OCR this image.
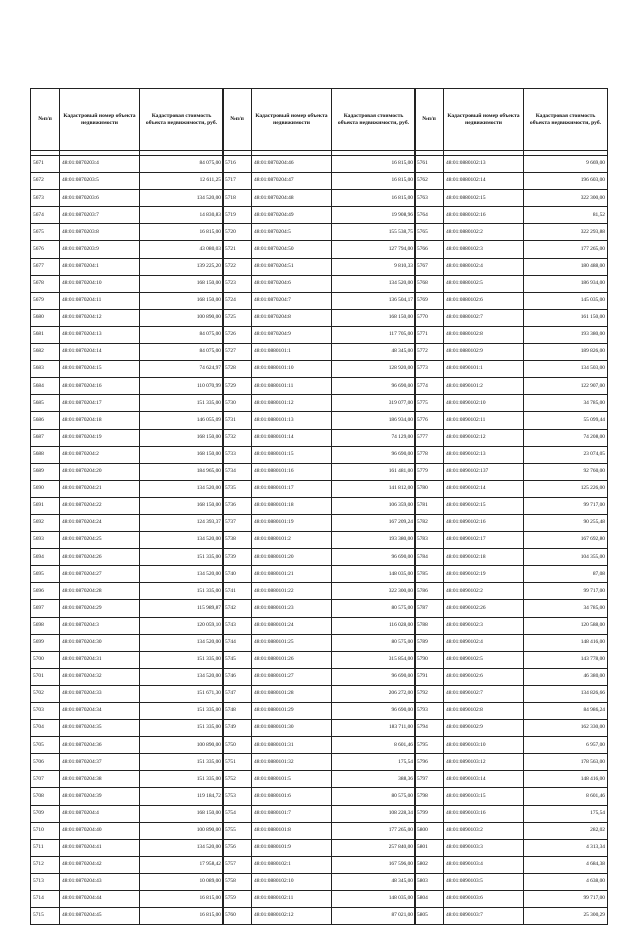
№п/п	Кадастровый номер объекта недвижимости	Кадастровая стоимость объекта недвижимости, руб.

5671	48:01:0870203:4	84 075,00
5672	48:01:0870203:5	12 611,25
5673	48:01:0870203:6	134 520,00
5674	48:01:0870203:7	14 830,83
5675	48:01:0870203:8	16 815,00
5676	48:01:0870203:9	43 080,03
5677	48:01:0870204:1	139 225,20
5678	48:01:0870204:10	168 150,00
5679	48:01:0870204:11	168 150,00
5680	48:01:0870204:12	100 890,00
5681	48:01:0870204:13	84 075,00
5682	48:01:0870204:14	84 075,00
5683	48:01:0870204:15	74 624,97
5684	48:01:0870204:16	110 070,99
5685	48:01:0870204:17	151 335,00
5686	48:01:0870204:18	146 055,09
5687	48:01:0870204:19	168 150,00
5688	48:01:0870204:2	168 150,00
5689	48:01:0870204:20	184 965,00
5690	48:01:0870204:21	134 520,00
5691	48:01:0870204:22	168 150,00
5692	48:01:0870204:24	124 393,37
5693	48:01:0870204:25	134 520,00
5694	48:01:0870204:26	151 335,00
5695	48:01:0870204:27	134 520,00
5696	48:01:0870204:28	151 335,00
5697	48:01:0870204:29	115 989,87
5698	48:01:0870204:3	120 059,10
5699	48:01:0870204:30	134 520,00
5700	48:01:0870204:31	151 335,00
5701	48:01:0870204:32	134 520,00
5702	48:01:0870204:33	151 671,30
5703	48:01:0870204:34	151 335,00
5704	48:01:0870204:35	151 335,00
5705	48:01:0870204:36	100 890,00
5706	48:01:0870204:37	151 335,00
5707	48:01:0870204:38	151 335,00
5708	48:01:0870204:39	119 184,72
5709	48:01:0870204:4	168 150,00
5710	48:01:0870204:40	100 890,00
5711	48:01:0870204:41	134 520,00
5712	48:01:0870204:42	17 958,42
5713	48:01:0870204:43	10 089,00
5714	48:01:0870204:44	16 815,00
5715	48:01:0870204:45	16 815,00
№п/п	Кадастровый номер объекта недвижимости	Кадастровая стоимость объекта недвижимости, руб.

5716	48:01:0870204:46	16 815,00
5717	48:01:0870204:47	16 815,00
5718	48:01:0870204:48	16 815,00
5719	48:01:0870204:49	19 908,96
5720	48:01:0870204:5	155 538,75
5721	48:01:0870204:50	127 794,00
5722	48:01:0870204:51	9 810,33
5723	48:01:0870204:6	134 520,00
5724	48:01:0870204:7	136 504,17
5725	48:01:0870204:8	168 150,00
5726	48:01:0870204:9	117 705,00
5727	48:01:0880101:1	48 345,00
5728	48:01:0880101:10	128 920,00
5729	48:01:0880101:11	96 690,00
5730	48:01:0880101:12	319 077,00
5731	48:01:0880101:13	186 934,00
5732	48:01:0880101:14	74 129,00
5733	48:01:0880101:15	96 690,00
5734	48:01:0880101:16	161 481,00
5735	48:01:0880101:17	141 812,00
5736	48:01:0880101:18	106 359,00
5737	48:01:0880101:19	167 209,24
5738	48:01:0880101:2	193 380,00
5739	48:01:0880101:20	96 690,00
5740	48:01:0880101:21	148 035,00
5741	48:01:0880101:22	322 300,00
5742	48:01:0880101:23	80 575,00
5743	48:01:0880101:24	116 028,00
5744	48:01:0880101:25	80 575,00
5745	48:01:0880101:26	315 854,00
5746	48:01:0880101:27	96 690,00
5747	48:01:0880101:28	206 272,00
5748	48:01:0880101:29	96 690,00
5749	48:01:0880101:30	183 711,00
5750	48:01:0880101:31	8 601,46
5751	48:01:0880101:32	175,54
5752	48:01:0880101:5	388,36
5753	48:01:0880101:6	80 575,00
5754	48:01:0880101:7	108 228,34
5755	48:01:0880101:8	177 265,00
5756	48:01:0880101:9	257 840,00
5757	48:01:0880102:1	167 596,00
5758	48:01:0880102:10	48 345,00
5759	48:01:0880102:11	148 035,00
5760	48:01:0880102:12	87 021,00
№п/п	Кадастровый номер объекта недвижимости	Кадастровая стоимость объекта недвижимости, руб.

5761	48:01:0880102:13	9 669,00
5762	48:01:0880102:14	196 603,00
5763	48:01:0880102:15	322 300,00
5764	48:01:0880102:16	81,52
5765	48:01:0880102:2	322 293,88
5766	48:01:0880102:3	177 265,00
5767	48:01:0880102:4	180 488,00
5768	48:01:0880102:5	186 934,00
5769	48:01:0880102:6	145 035,00
5770	48:01:0880102:7	161 150,00
5771	48:01:0880102:8	193 380,00
5772	48:01:0880102:9	189 826,00
5773	48:01:0890101:1	134 503,00
5774	48:01:0890101:2	122 907,00
5775	48:01:0890102:10	34 785,00
5776	48:01:0890102:11	55 099,44
5777	48:01:0890102:12	74 208,00
5778	48:01:0890102:13	23 074,05
5779	48:01:0890102:137	92 760,00
5780	48:01:0890102:14	125 226,00
5781	48:01:0890102:15	99 717,00
5782	48:01:0890102:16	90 255,48
5783	48:01:0890102:17	167 692,80
5784	48:01:0890102:18	104 355,00
5785	48:01:0890102:19	87,08
5786	48:01:0890102:2	99 717,00
5787	48:01:0890102:26	34 785,00
5788	48:01:0890102:3	120 588,00
5789	48:01:0890102:4	148 416,00
5790	48:01:0890102:5	143 778,00
5791	48:01:0890102:6	46 380,00
5792	48:01:0890102:7	134 826,66
5793	48:01:0890102:8	84 986,24
5794	48:01:0890102:9	162 330,00
5795	48:01:0890103:10	6 957,00
5796	48:01:0890103:12	178 563,00
5797	48:01:0890103:14	148 416,00
5798	48:01:0890103:15	8 601,46
5799	48:01:0890103:16	175,54
5800	48:01:0890103:2	282,02
5801	48:01:0890103:3	4 313,34
5802	48:01:0890103:4	4 684,38
5803	48:01:0890103:5	4 638,00
5804	48:01:0890103:6	99 717,00
5805	48:01:0890103:7	25 300,29
